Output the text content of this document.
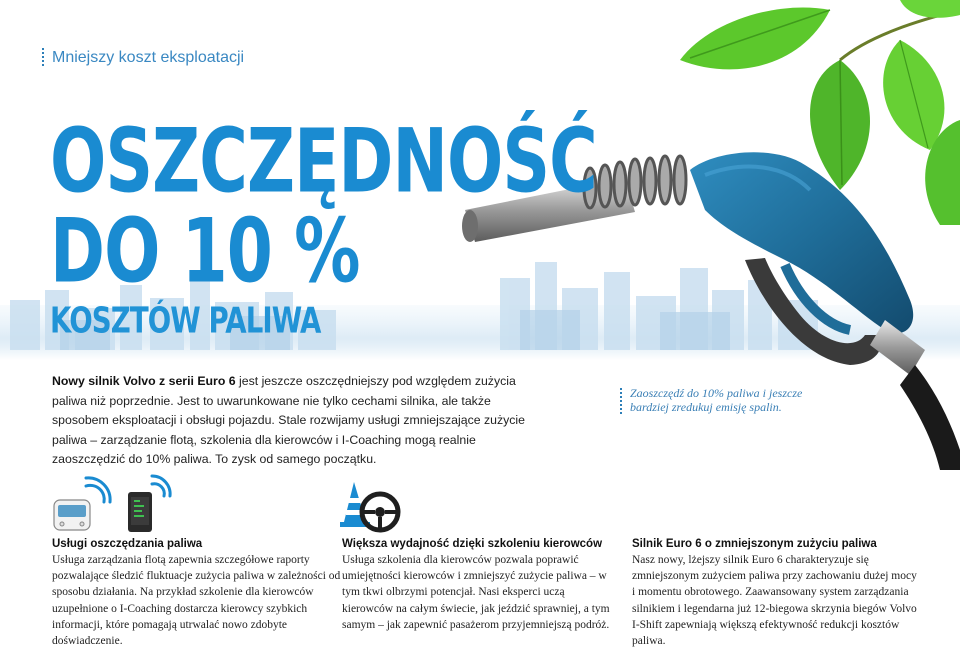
Mniejszy koszt eksploatacji
OSZCZĘDNOŚĆ
DO 10 %
KOSZTÓW PALIWA
Nowy silnik Volvo z serii Euro 6 jest jeszcze oszczędniejszy pod względem zużycia paliwa niż poprzednie. Jest to uwarunkowane nie tylko cechami silnika, ale także sposobem eksploatacji i obsługi pojazdu. Stale rozwijamy usługi zmniejszające zużycie paliwa – zarządzanie flotą, szkolenia dla kierowców i I-Coaching mogą realnie zaoszczędzić do 10% paliwa. To zysk od samego początku.
Zaoszczędź do 10% paliwa i jeszcze bardziej zredukuj emisję spalin.
Usługi oszczędzania paliwa

Usługa zarządzania flotą zapewnia szczegółowe raporty pozwalające śledzić fluktuacje zużycia paliwa w zależności od sposobu działania. Na przykład szkolenie dla kierowców uzupełnione o I-Coaching dostarcza kierowcy szybkich informacji, które pomagają utrwalać nowo zdobyte doświadczenie.

Większa wydajność dzięki szkoleniu kierowców

Usługa szkolenia dla kierowców pozwala poprawić umiejętności kierowców i zmniejszyć zużycie paliwa – w tym tkwi olbrzymi potencjał. Nasi eksperci uczą kierowców na całym świecie, jak jeździć sprawniej, a tym samym – jak zapewnić pasażerom przyjemniejszą podróż.

Silnik Euro 6 o zmniejszonym zużyciu paliwa

Nasz nowy, lżejszy silnik Euro 6 charakteryzuje się zmniejszonym zużyciem paliwa przy zachowaniu dużej mocy i momentu obrotowego. Zaawansowany system zarządzania silnikiem i legendarna już 12-biegowa skrzynia biegów Volvo I-Shift zapewniają większą efektywność redukcji kosztów paliwa.
